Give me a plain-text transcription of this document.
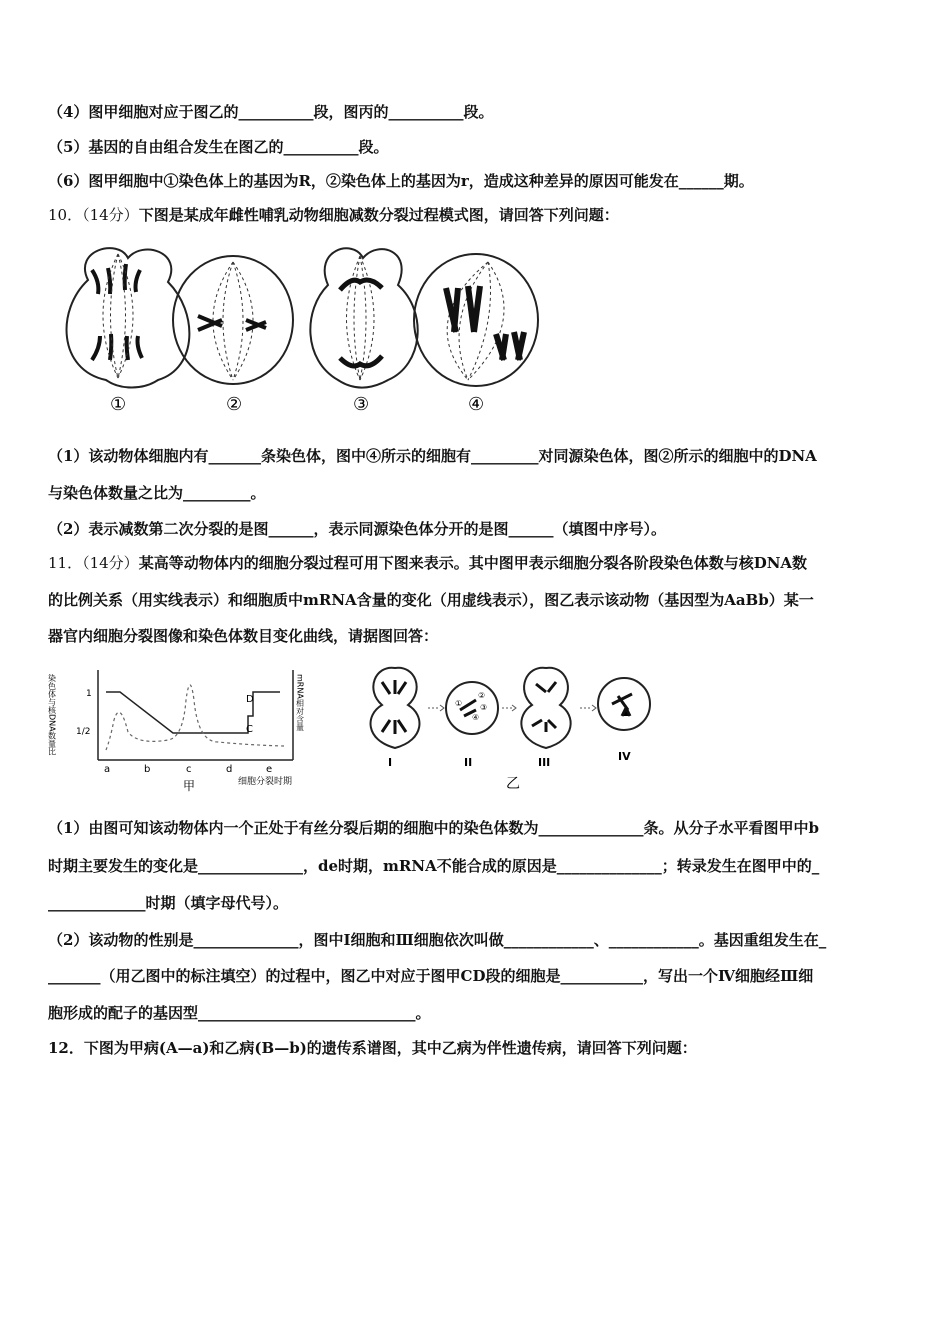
（4）图甲细胞对应于图乙的__________段，图丙的__________段。
（5）基因的自由组合发生在图乙的__________段。
（6）图甲细胞中①染色体上的基因为R，②染色体上的基因为r，造成这种差异的原因可能发在______期。
10．（14分）下图是某成年雌性哺乳动物细胞减数分裂过程模式图，请回答下列问题：
①	②	③	④
（1）该动物体细胞内有_______条染色体，图中④所示的细胞有_________对同源染色体，图②所示的细胞中的DNA
与染色体数量之比为_________。
（2）表示减数第二次分裂的是图______，表示同源染色体分开的是图______（填图中序号）。
11．（14分）某高等动物体内的细胞分裂过程可用下图来表示。其中图甲表示细胞分裂各阶段染色体数与核DNA数
的比例关系（用实线表示）和细胞质中mRNA含量的变化（用虚线表示），图乙表示该动物（基因型为AaBb）某一
器官内细胞分裂图像和染色体数目变化曲线，请据图回答：
染色体与核DNA数量比	mRNA相对含量
1
1/2	C
D
a	b	c	d	e
细胞分裂时期
甲
I
①
②
③
④
II	III	IV
乙
（1）由图可知该动物体内一个正处于有丝分裂后期的细胞中的染色体数为______________条。从分子水平看图甲中b
时期主要发生的变化是______________，de时期，mRNA不能合成的原因是______________；转录发生在图甲中的_
_____________时期（填字母代号）。
（2）该动物的性别是______________，图中Ⅰ细胞和Ⅲ细胞依次叫做____________、____________。基因重组发生在_
_______（用乙图中的标注填空）的过程中，图乙中对应于图甲CD段的细胞是___________，写出一个Ⅳ细胞经Ⅲ细
胞形成的配子的基因型_____________________________。
12．下图为甲病(A—a)和乙病(B—b)的遗传系谱图，其中乙病为伴性遗传病，请回答下列问题：
